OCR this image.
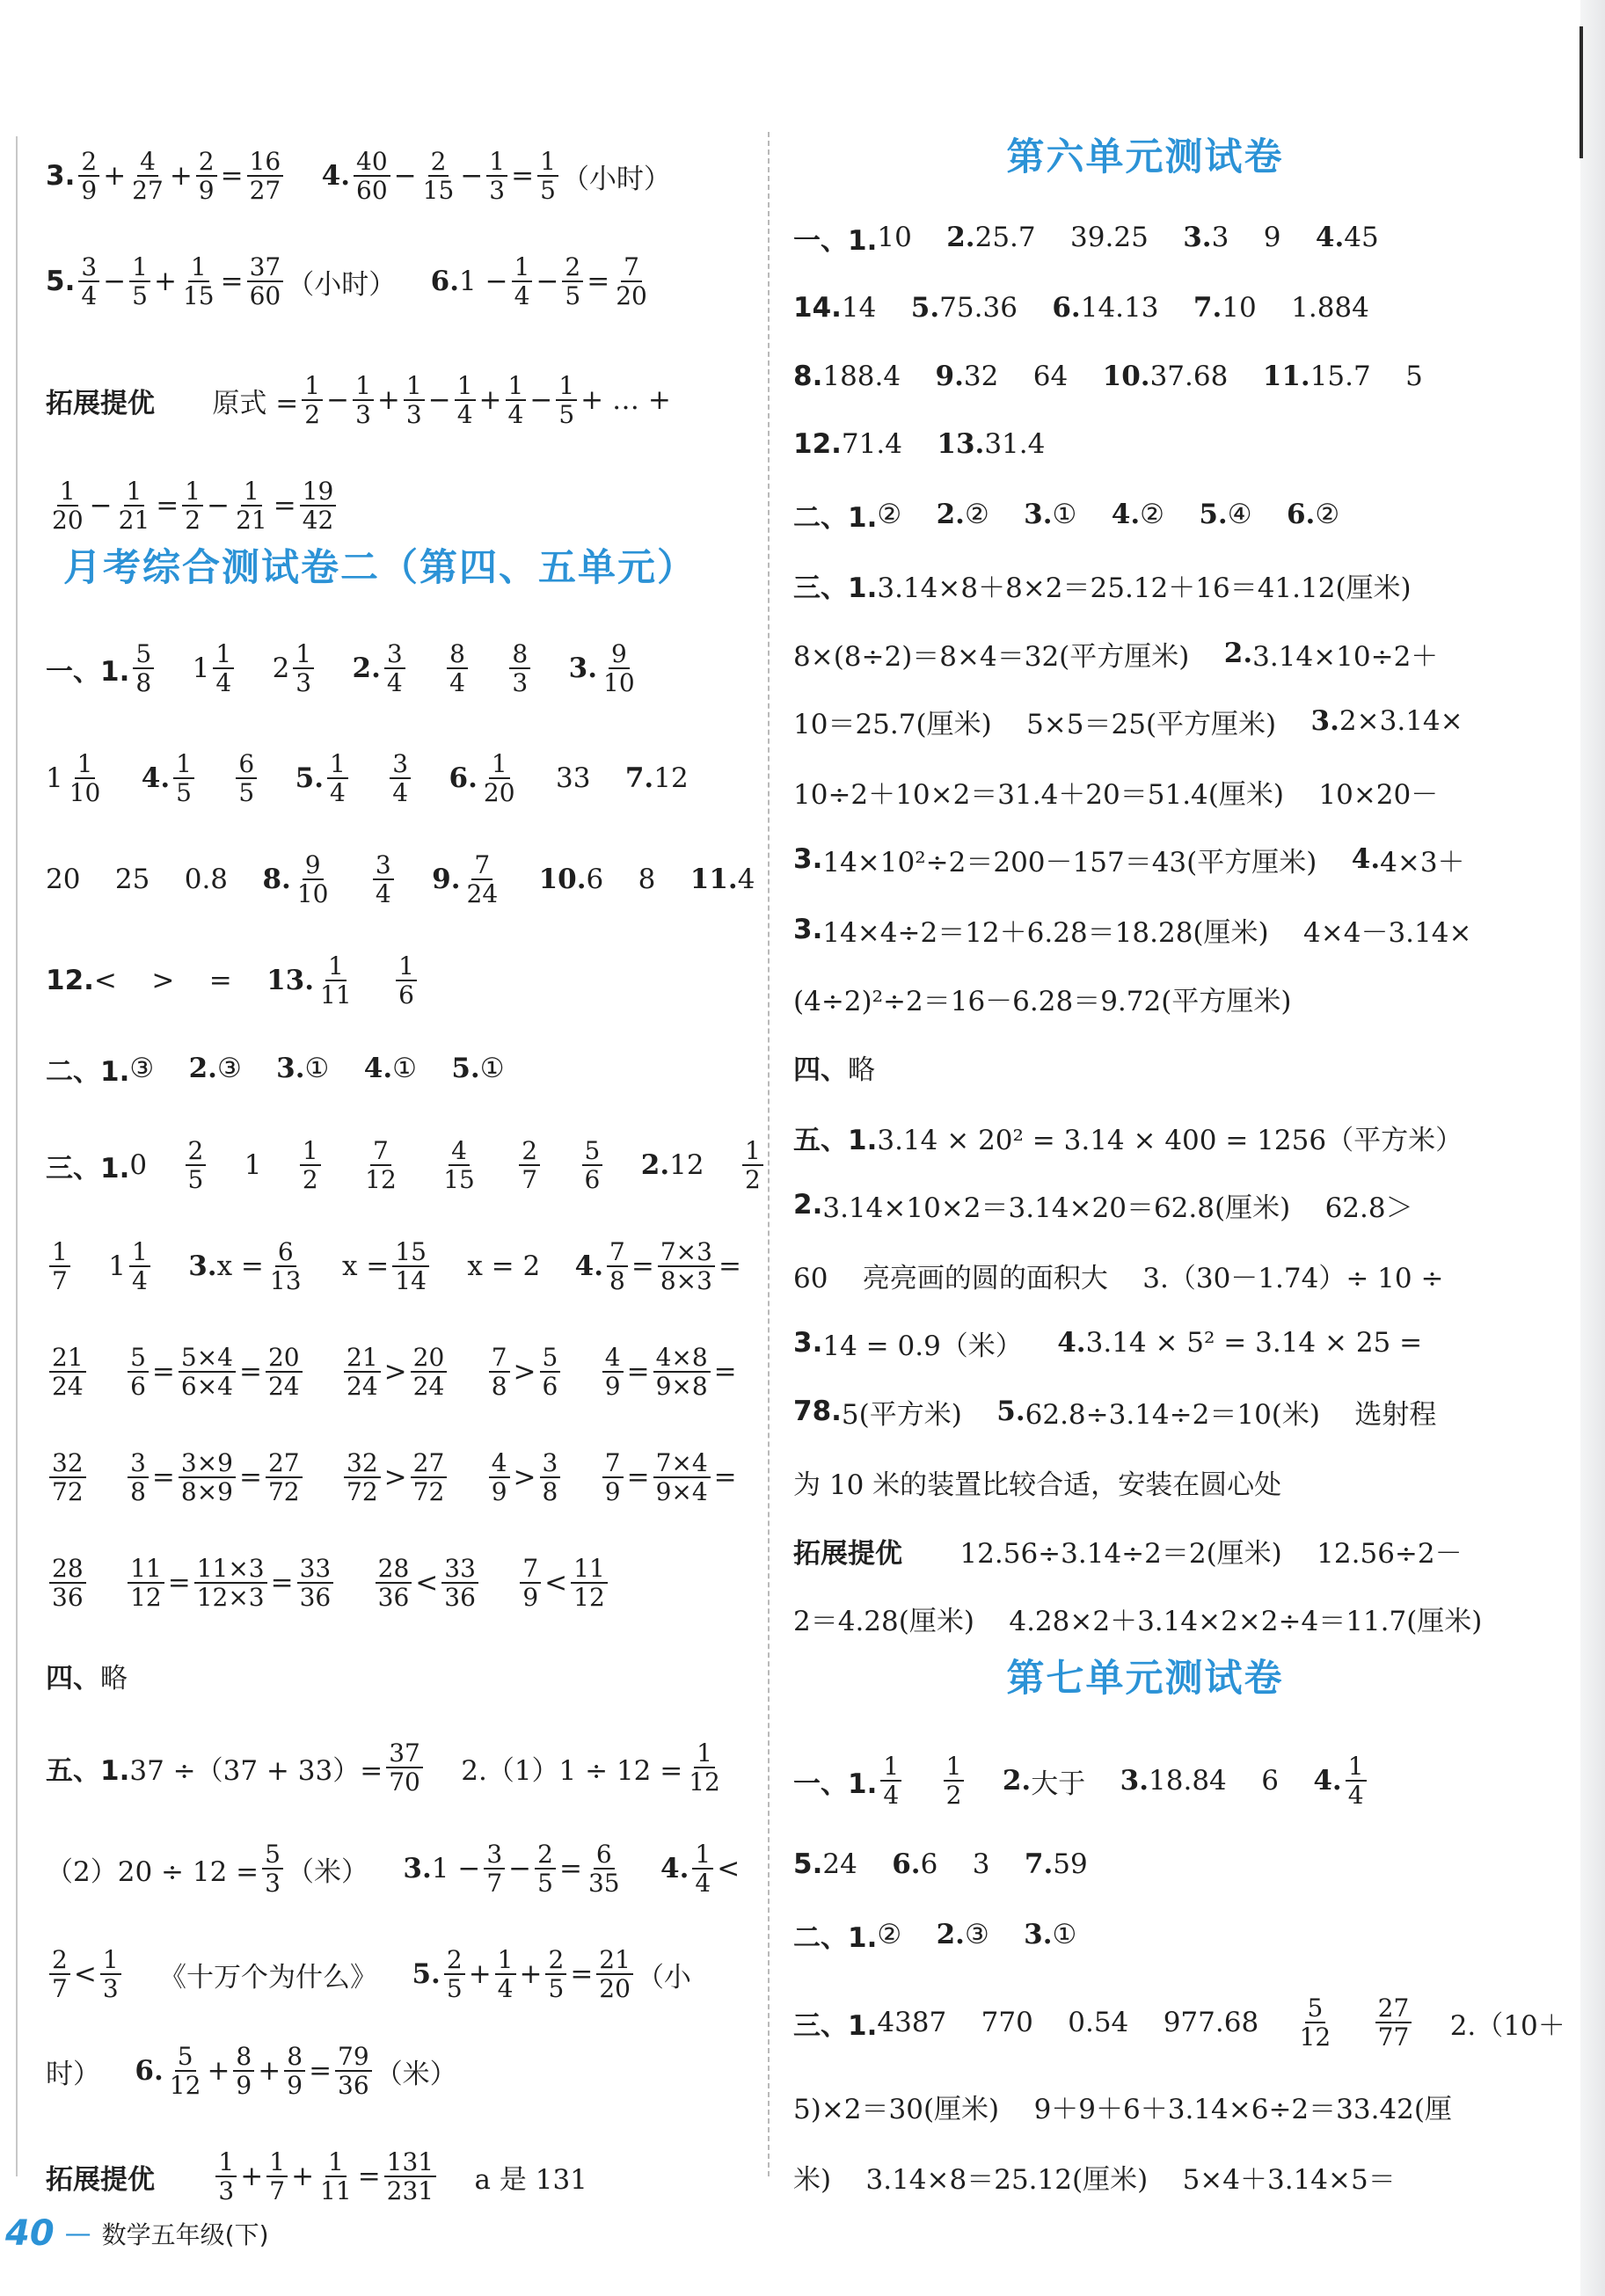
月考综合测试卷二（第四、五单元）
3. $\frac{2}{9} + \frac{4}{27} + \frac{2}{9} = \frac{16}{27}$
4. $\frac{40}{60} - \frac{2}{15} - \frac{1}{3} = \frac{1}{5}$ （小时）
5. $\frac{3}{4} - \frac{1}{5} + \frac{1}{15} = \frac{37}{60}$ （小时） 6. $1 - \frac{1}{4} - \frac{2}{5} = \frac{7}{20}$
拓展提优 原式 = $\frac{1}{2} - \frac{1}{3} + \frac{1}{3} - \frac{1}{4} + \frac{1}{4} - \frac{1}{5}$ + … +
$\frac{1}{20} - \frac{1}{21} = \frac{1}{2} - \frac{1}{21} = \frac{19}{42}$
一、1. $\frac{5}{8} 1 \frac{1}{4} 2 \frac{1}{3}$
2. $\frac{3}{4}$
$\frac{8}{4}$
$\frac{8}{3}$
3. $\frac{9}{10}$
$1 \frac{1}{10}$
4. $\frac{1}{5}$
$\frac{6}{5}$
5. $\frac{1}{4}$
$\frac{3}{4}$
6. $\frac{1}{20} 33$ 7. 12
20    25    0.8 8. $\frac{9}{10}$
$\frac{3}{4}$
9. $\frac{7}{24}$
10. 6    8 11. 4
12. <    >    = 13. $\frac{1}{11}$
$\frac{1}{6}$
二、1. ③ 2. ③ 3. ① 4. ① 5. ①
三、1. $0 \frac{2}{5} 1 \frac{1}{2}$
$\frac{7}{12}$
$\frac{4}{15}$
$\frac{2}{7}$
$\frac{5}{6}$
2. $12 \frac{1}{2}$
$\frac{1}{7} 1 \frac{1}{4}$
3. $x = \frac{6}{13}$ $x = \frac{15}{14}$ x = 2 4. $\frac{7}{8} = \frac{7\times 3}{8\times 3}$ =
$\frac{21}{24}$
$\frac{5}{6} = \frac{5\times 4}{6\times 4} = \frac{20}{24}$
$\frac{21}{24} > \frac{20}{24}$
$\frac{7}{8} > \frac{5}{6}$
$\frac{4}{9} = \frac{4\times 8}{9\times 8}$ =
$\frac{32}{72}$
$\frac{3}{8} = \frac{3\times 9}{8\times 9} = \frac{27}{72}$
$\frac{32}{72} > \frac{27}{72}$
$\frac{4}{9} > \frac{3}{8}$
$\frac{7}{9} = \frac{7\times 4}{9\times 4}$ =
$\frac{28}{36}$
$\frac{11}{12} = \frac{11\times 3}{12\times 3} = \frac{33}{36}$
$\frac{28}{36} < \frac{33}{36}$
$\frac{7}{9} < \frac{11}{12}$
四、 略
五、1. $37 \div(37 + 33)= \frac{37}{70} 2.(1)1 \div 12 = \frac{1}{12}$
$(2)20 \div 12 = \frac{5}{3}$ （米） 3. $1 - \frac{3}{7} - \frac{2}{5} = \frac{6}{35}$
4. $\frac{1}{4}$ <
$\frac{2}{7} < \frac{1}{3}$ 《十万个为什么》 5. $\frac{2}{5} + \frac{1}{4} + \frac{2}{5} = \frac{21}{20}$ （小
时） 6. $\frac{5}{12} + \frac{8}{9} + \frac{8}{9} = \frac{79}{36}$ （米）
拓展提优
$\frac{1}{3} + \frac{1}{7} + \frac{1}{11} = \frac{131}{231}$ a 是 131
第六单元测试卷
第七单元测试卷
一、1. 10 2. 25.7    39.25 3. 3    9 4. 45
14. 14 5. 75.36 6. 14.13 7. 10    1.884
8. 188.4 9. 32    64 10. 37.68 11. 15.7    5
12. 71.4 13. 31.4
二、1. ② 2. ② 3. ① 4. ② 5. ④ 6. ②
三、1. 3.14×8＋8×2＝25.12＋16＝41.12(厘米)
8×(8÷2)＝8×4＝32(平方厘米) 2. 3.14×10÷2＋
10＝25.7(厘米)    5×5＝25(平方厘米) 3. 2×3.14×
10÷2＋10×2＝31.4＋20＝51.4(厘米)    10×20－
3. 14×10²÷2＝200－157＝43(平方厘米) 4. 4×3＋
3. 14×4÷2＝12＋6.28＝18.28(厘米)    4×4－3.14×
(4÷2)²÷2＝16－6.28＝9.72(平方厘米)
四、 略
五、1. 3.14 × 20² = 3.14 × 400 = 1256（平方米）
2. 3.14×10×2＝3.14×20＝62.8(厘米)    62.8＞
60    亮亮画的圆的面积大    3.（30－1.74）÷ 10 ÷
3. 14 = 0.9（米） 4. 3.14 × 5² = 3.14 × 25 =
78. 5(平方米) 5. 62.8÷3.14÷2＝10(米)    选射程
为 10 米的装置比较合适，安装在圆心处
拓展提优 12.56÷3.14÷2＝2(厘米)    12.56÷2－
2＝4.28(厘米)    4.28×2＋3.14×2×2÷4＝11.7(厘米)
一、1. $\frac{1}{4}$
$\frac{1}{2}$
2. 大于 3. 18.84    6 4. $\frac{1}{4}$
5. 24 6. 6    3 7. 59
二、1. ② 2. ③ 3. ①
三、1. 4387    770    0.54    $977.68 \frac{5}{12}$
$\frac{27}{77} 2.(10+$
5)×2＝30(厘米)    9＋9＋6＋3.14×6÷2＝33.42(厘
米)    3.14×8＝25.12(厘米)    5×4＋3.14×5＝
40 — 数学五年级(下)
